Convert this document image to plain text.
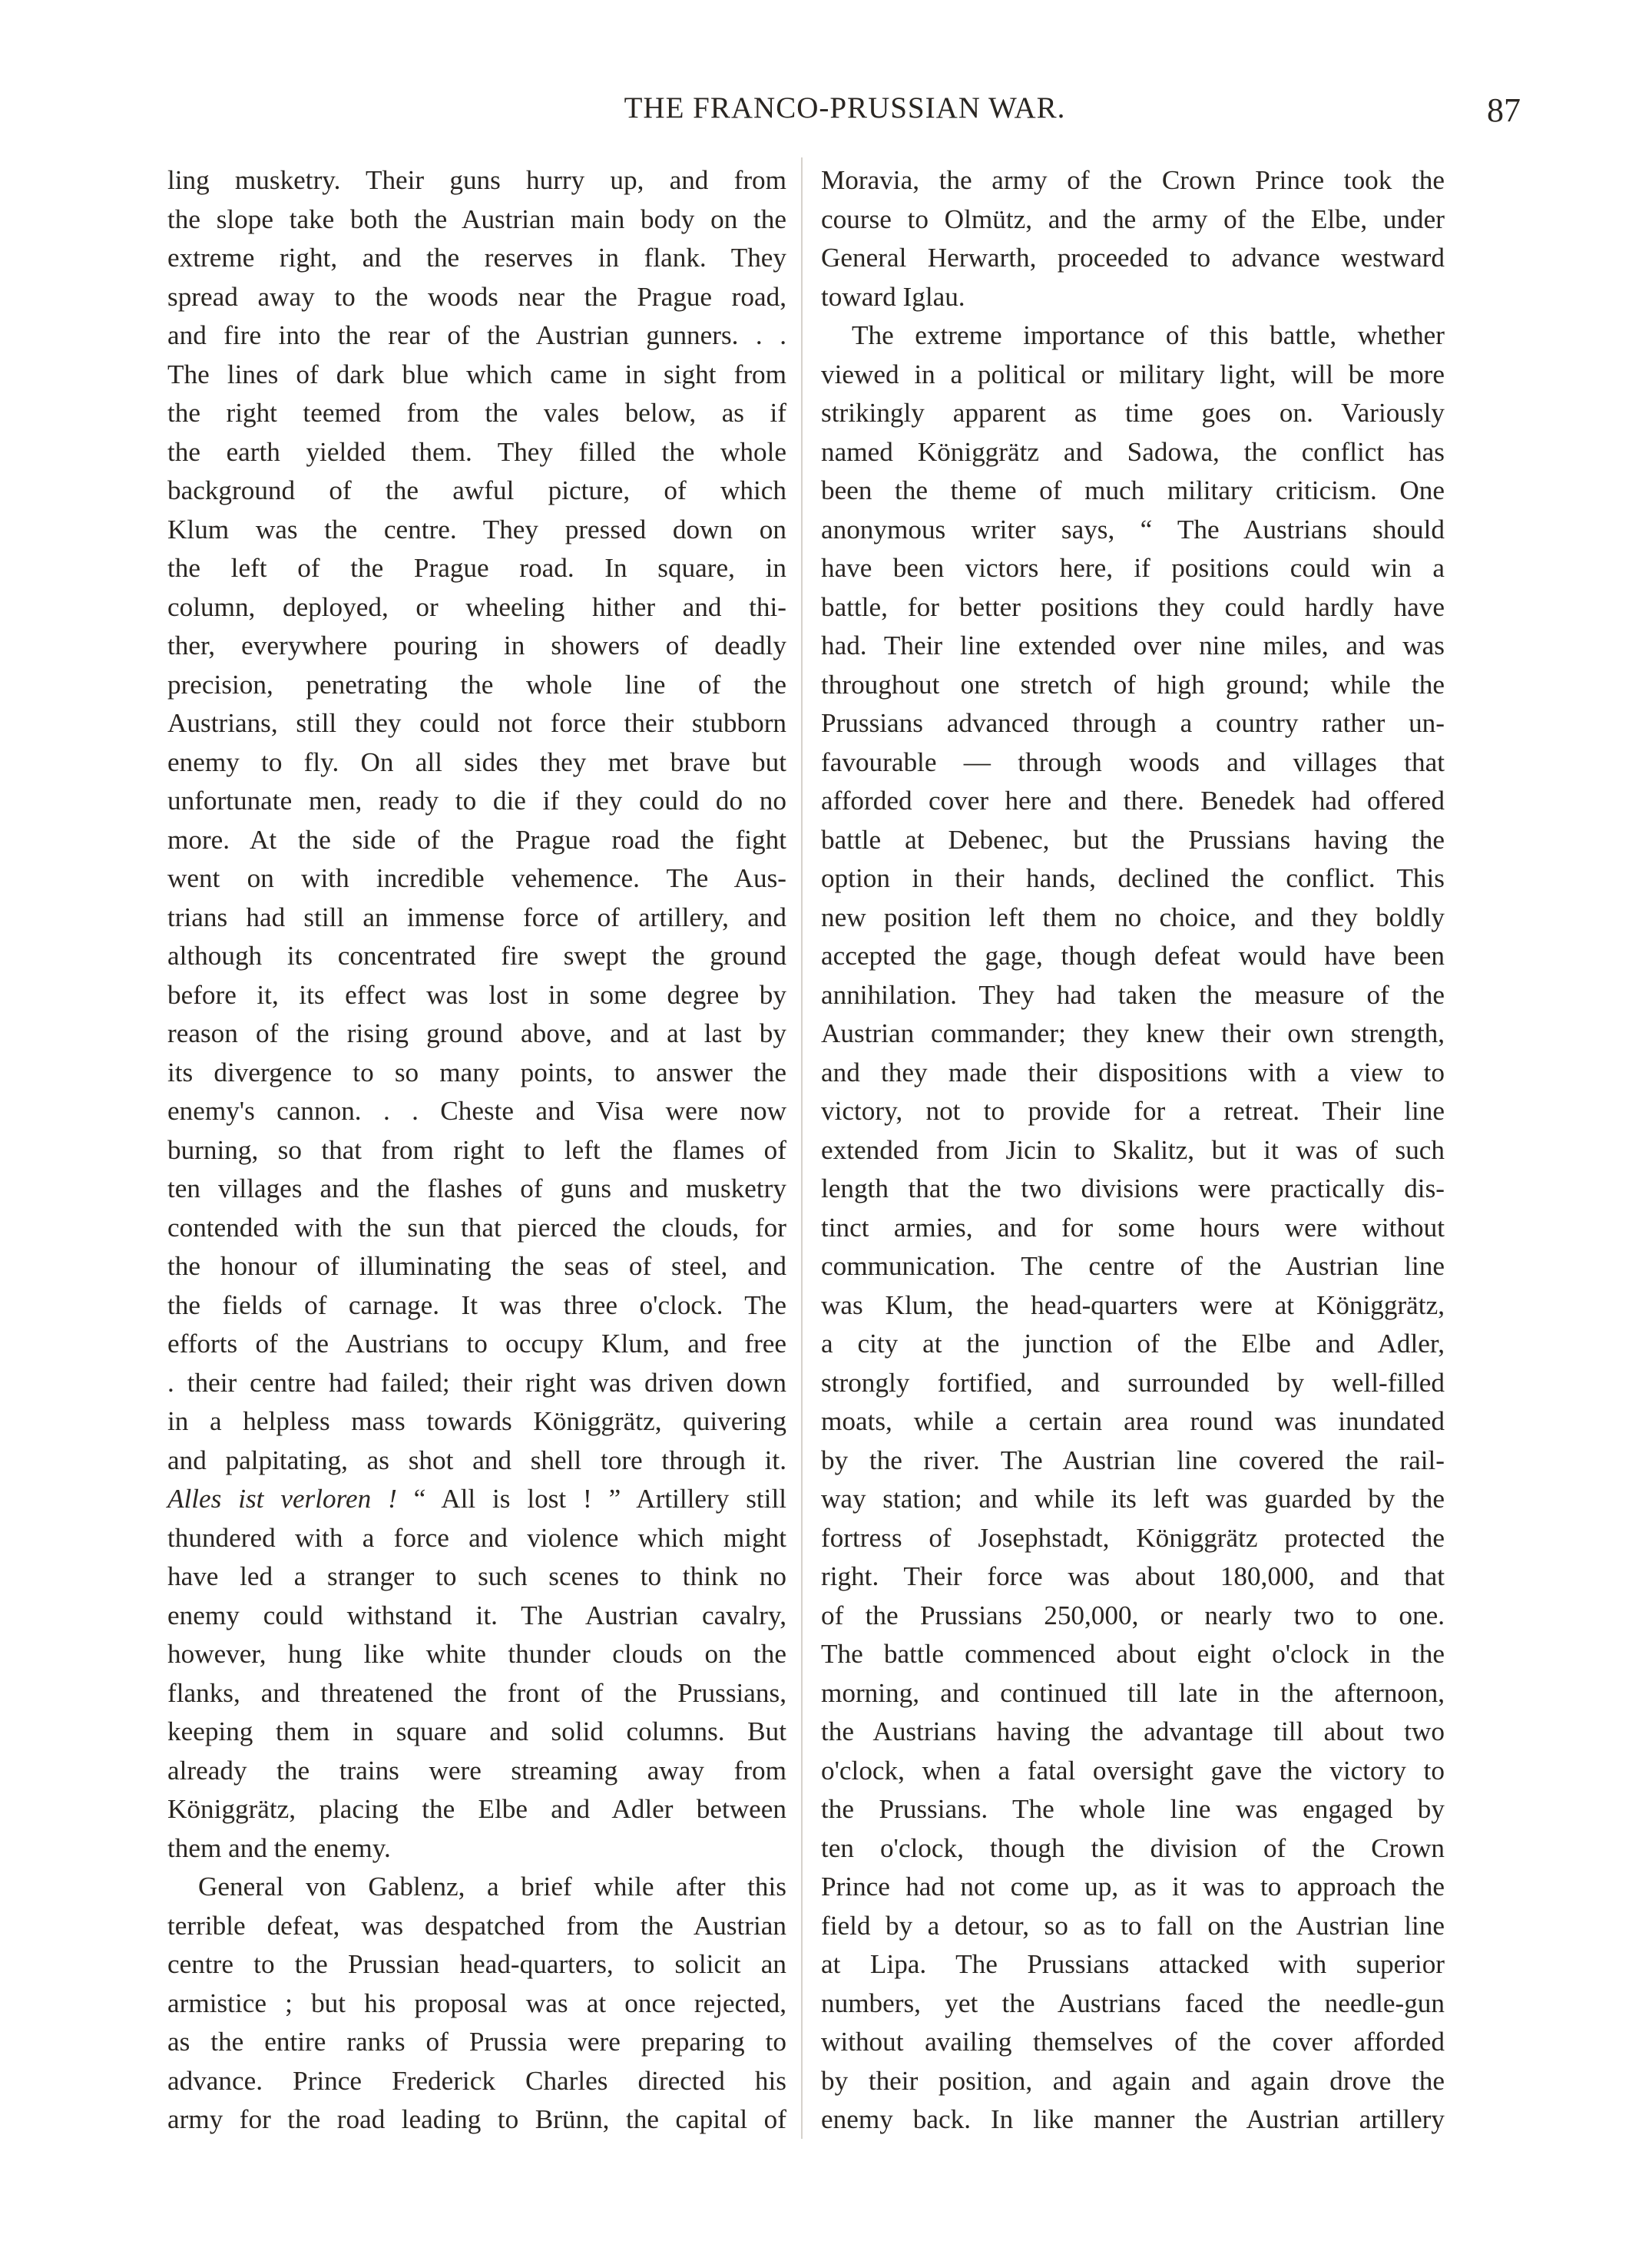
THE FRANCO-PRUSSIAN WAR.	87
ling musketry. Their guns hurry up, and from
the slope take both the Austrian main body on the
extreme right, and the reserves in flank. They
spread away to the woods near the Prague road,
and fire into the rear of the Austrian gunners. . .
The lines of dark blue which came in sight from
the right teemed from the vales below, as if
the earth yielded them. They filled the whole
background of the awful picture, of which
Klum was the centre. They pressed down on
the left of the Prague road. In square, in
column, deployed, or wheeling hither and thi-
ther, everywhere pouring in showers of deadly
precision, penetrating the whole line of the
Austrians, still they could not force their stubborn
enemy to fly. On all sides they met brave but
unfortunate men, ready to die if they could do no
more. At the side of the Prague road the fight
went on with incredible vehemence. The Aus-
trians had still an immense force of artillery, and
although its concentrated fire swept the ground
before it, its effect was lost in some degree by
reason of the rising ground above, and at last by
its divergence to so many points, to answer the
enemy's cannon. . . Cheste and Visa were now
burning, so that from right to left the flames of
ten villages and the flashes of guns and musketry
contended with the sun that pierced the clouds, for
the honour of illuminating the seas of steel, and
the fields of carnage. It was three o'clock. The
efforts of the Austrians to occupy Klum, and free
. their centre had failed; their right was driven down
in a helpless mass towards Königgrätz, quivering
and palpitating, as shot and shell tore through it.
Alles ist verloren ! “ All is lost ! ” Artillery still
thundered with a force and violence which might
have led a stranger to such scenes to think no
enemy could withstand it. The Austrian cavalry,
however, hung like white thunder clouds on the
flanks, and threatened the front of the Prussians,
keeping them in square and solid columns. But
already the trains were streaming away from
Königgrätz, placing the Elbe and Adler between
them and the enemy.
General von Gablenz, a brief while after this
terrible defeat, was despatched from the Austrian
centre to the Prussian head-quarters, to solicit an
armistice ; but his proposal was at once rejected,
as the entire ranks of Prussia were preparing to
advance. Prince Frederick Charles directed his
army for the road leading to Brünn, the capital of
Moravia, the army of the Crown Prince took the
course to Olmütz, and the army of the Elbe, under
General Herwarth, proceeded to advance westward
toward Iglau.
The extreme importance of this battle, whether
viewed in a political or military light, will be more
strikingly apparent as time goes on. Variously
named Königgrätz and Sadowa, the conflict has
been the theme of much military criticism. One
anonymous writer says, “ The Austrians should
have been victors here, if positions could win a
battle, for better positions they could hardly have
had. Their line extended over nine miles, and was
throughout one stretch of high ground; while the
Prussians advanced through a country rather un-
favourable — through woods and villages that
afforded cover here and there. Benedek had offered
battle at Debenec, but the Prussians having the
option in their hands, declined the conflict. This
new position left them no choice, and they boldly
accepted the gage, though defeat would have been
annihilation. They had taken the measure of the
Austrian commander; they knew their own strength,
and they made their dispositions with a view to
victory, not to provide for a retreat. Their line
extended from Jicin to Skalitz, but it was of such
length that the two divisions were practically dis-
tinct armies, and for some hours were without
communication. The centre of the Austrian line
was Klum, the head-quarters were at Königgrätz,
a city at the junction of the Elbe and Adler,
strongly fortified, and surrounded by well-filled
moats, while a certain area round was inundated
by the river. The Austrian line covered the rail-
way station; and while its left was guarded by the
fortress of Josephstadt, Königgrätz protected the
right. Their force was about 180,000, and that
of the Prussians 250,000, or nearly two to one.
The battle commenced about eight o'clock in the
morning, and continued till late in the afternoon,
the Austrians having the advantage till about two
o'clock, when a fatal oversight gave the victory to
the Prussians. The whole line was engaged by
ten o'clock, though the division of the Crown
Prince had not come up, as it was to approach the
field by a detour, so as to fall on the Austrian line
at Lipa. The Prussians attacked with superior
numbers, yet the Austrians faced the needle-gun
without availing themselves of the cover afforded
by their position, and again and again drove the
enemy back. In like manner the Austrian artillery
